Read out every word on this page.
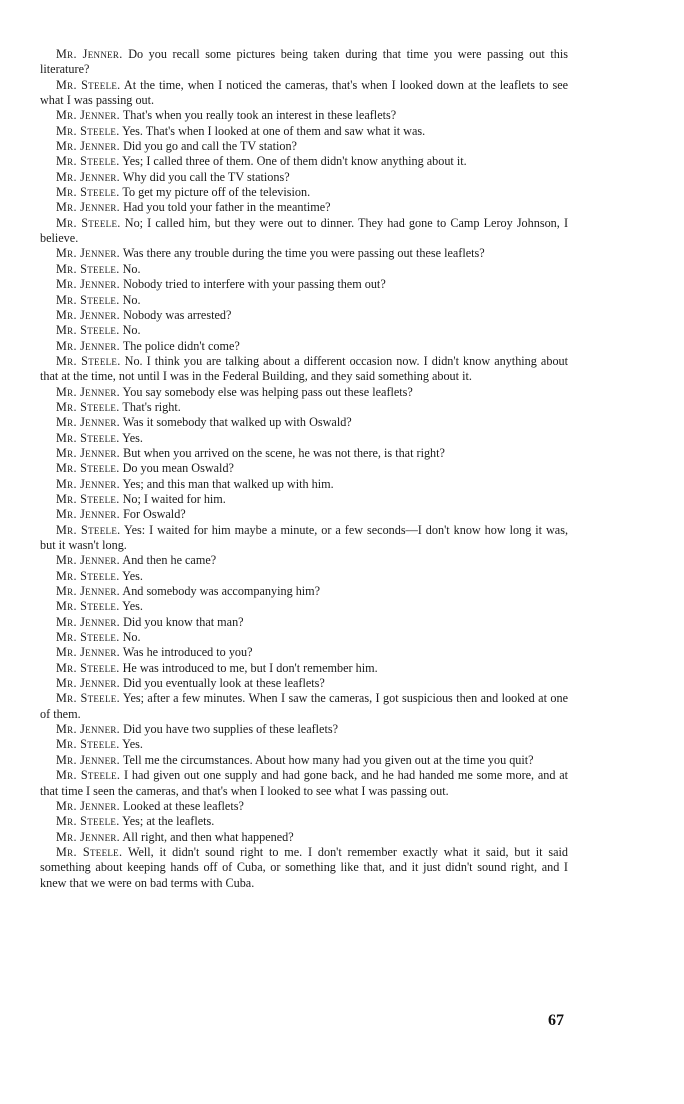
Mr. Jenner. Do you recall some pictures being taken during that time you were passing out this literature?

Mr. Steele. At the time, when I noticed the cameras, that's when I looked down at the leaflets to see what I was passing out.

Mr. Jenner. That's when you really took an interest in these leaflets?

Mr. Steele. Yes. That's when I looked at one of them and saw what it was.

Mr. Jenner. Did you go and call the TV station?

Mr. Steele. Yes; I called three of them. One of them didn't know anything about it.

Mr. Jenner. Why did you call the TV stations?

Mr. Steele. To get my picture off of the television.

Mr. Jenner. Had you told your father in the meantime?

Mr. Steele. No; I called him, but they were out to dinner. They had gone to Camp Leroy Johnson, I believe.

Mr. Jenner. Was there any trouble during the time you were passing out these leaflets?

Mr. Steele. No.

Mr. Jenner. Nobody tried to interfere with your passing them out?

Mr. Steele. No.

Mr. Jenner. Nobody was arrested?

Mr. Steele. No.

Mr. Jenner. The police didn't come?

Mr. Steele. No. I think you are talking about a different occasion now. I didn't know anything about that at the time, not until I was in the Federal Building, and they said something about it.

Mr. Jenner. You say somebody else was helping pass out these leaflets?

Mr. Steele. That's right.

Mr. Jenner. Was it somebody that walked up with Oswald?

Mr. Steele. Yes.

Mr. Jenner. But when you arrived on the scene, he was not there, is that right?

Mr. Steele. Do you mean Oswald?

Mr. Jenner. Yes; and this man that walked up with him.

Mr. Steele. No; I waited for him.

Mr. Jenner. For Oswald?

Mr. Steele. Yes: I waited for him maybe a minute, or a few seconds—I don't know how long it was, but it wasn't long.

Mr. Jenner. And then he came?

Mr. Steele. Yes.

Mr. Jenner. And somebody was accompanying him?

Mr. Steele. Yes.

Mr. Jenner. Did you know that man?

Mr. Steele. No.

Mr. Jenner. Was he introduced to you?

Mr. Steele. He was introduced to me, but I don't remember him.

Mr. Jenner. Did you eventually look at these leaflets?

Mr. Steele. Yes; after a few minutes. When I saw the cameras, I got suspicious then and looked at one of them.

Mr. Jenner. Did you have two supplies of these leaflets?

Mr. Steele. Yes.

Mr. Jenner. Tell me the circumstances. About how many had you given out at the time you quit?

Mr. Steele. I had given out one supply and had gone back, and he had handed me some more, and at that time I seen the cameras, and that's when I looked to see what I was passing out.

Mr. Jenner. Looked at these leaflets?

Mr. Steele. Yes; at the leaflets.

Mr. Jenner. All right, and then what happened?

Mr. Steele. Well, it didn't sound right to me. I don't remember exactly what it said, but it said something about keeping hands off of Cuba, or something like that, and it just didn't sound right, and I knew that we were on bad terms with Cuba.

67
